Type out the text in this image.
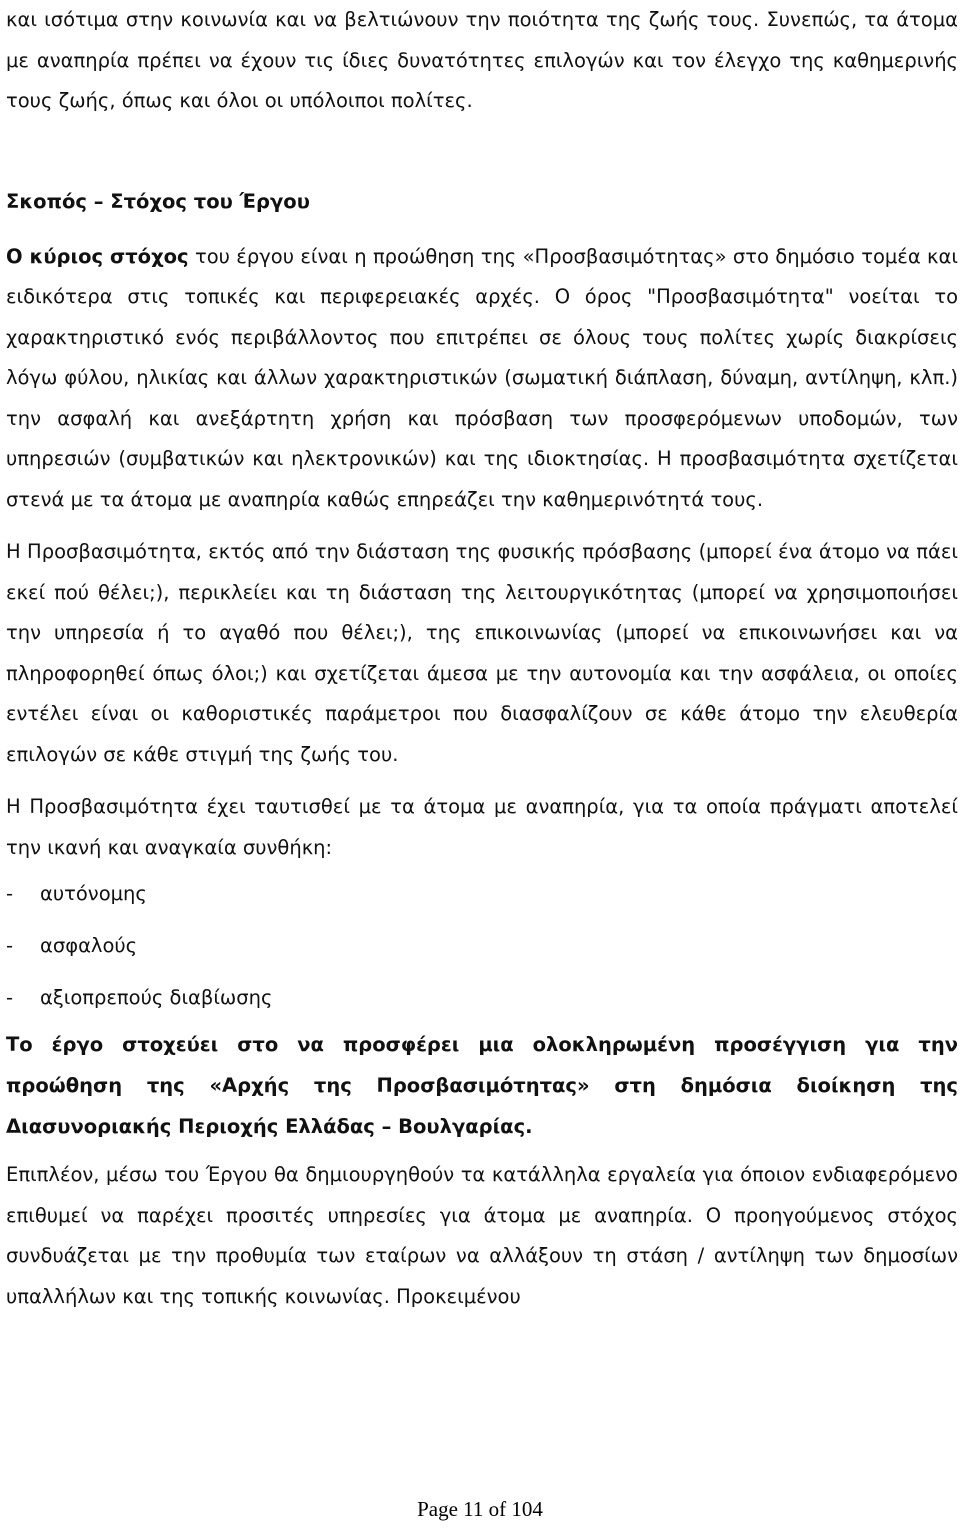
και ισότιμα στην κοινωνία και να βελτιώνουν την ποιότητα της ζωής τους. Συνεπώς, τα άτομα με αναπηρία πρέπει να έχουν τις ίδιες δυνατότητες επιλογών και τον έλεγχο της καθημερινής τους ζωής, όπως και όλοι οι υπόλοιποι πολίτες.

Σκοπός – Στόχος του Έργου

Ο κύριος στόχος του έργου είναι η προώθηση της «Προσβασιμότητας» στο δημόσιο τομέα και ειδικότερα στις τοπικές και περιφερειακές αρχές. Ο όρος "Προσβασιμότητα" νοείται το χαρακτηριστικό ενός περιβάλλοντος που επιτρέπει σε όλους τους πολίτες χωρίς διακρίσεις λόγω φύλου, ηλικίας και άλλων χαρακτηριστικών (σωματική διάπλαση, δύναμη, αντίληψη, κλπ.) την ασφαλή και ανεξάρτητη χρήση και πρόσβαση των προσφερόμενων υποδομών, των υπηρεσιών (συμβατικών και ηλεκτρονικών) και της ιδιοκτησίας. Η προσβασιμότητα σχετίζεται στενά με τα άτομα με αναπηρία καθώς επηρεάζει την καθημερινότητά τους.

Η Προσβασιμότητα, εκτός από την διάσταση της φυσικής πρόσβασης (μπορεί ένα άτομο να πάει εκεί πού θέλει;), περικλείει και τη διάσταση της λειτουργικότητας (μπορεί να χρησιμοποιήσει την υπηρεσία ή το αγαθό που θέλει;), της επικοινωνίας (μπορεί να επικοινωνήσει και να πληροφορηθεί όπως όλοι;) και σχετίζεται άμεσα με την αυτονομία και την ασφάλεια, οι οποίες εντέλει είναι οι καθοριστικές παράμετροι που διασφαλίζουν σε κάθε άτομο την ελευθερία επιλογών σε κάθε στιγμή της ζωής του.

Η Προσβασιμότητα έχει ταυτισθεί με τα άτομα με αναπηρία, για τα οποία πράγματι αποτελεί την ικανή και αναγκαία συνθήκη:

- αυτόνομης
- ασφαλούς
- αξιοπρεπούς διαβίωσης

Το έργο στοχεύει στο να προσφέρει μια ολοκληρωμένη προσέγγιση για την προώθηση της «Αρχής της Προσβασιμότητας» στη δημόσια διοίκηση της Διασυνοριακής Περιοχής Ελλάδας – Βουλγαρίας.

Επιπλέον, μέσω του Έργου θα δημιουργηθούν τα κατάλληλα εργαλεία για όποιον ενδιαφερόμενο επιθυμεί να παρέχει προσιτές υπηρεσίες για άτομα με αναπηρία. Ο προηγούμενος στόχος συνδυάζεται με την προθυμία των εταίρων να αλλάξουν τη στάση / αντίληψη των δημοσίων υπαλλήλων και της τοπικής κοινωνίας. Προκειμένου

Page 11 of 104
